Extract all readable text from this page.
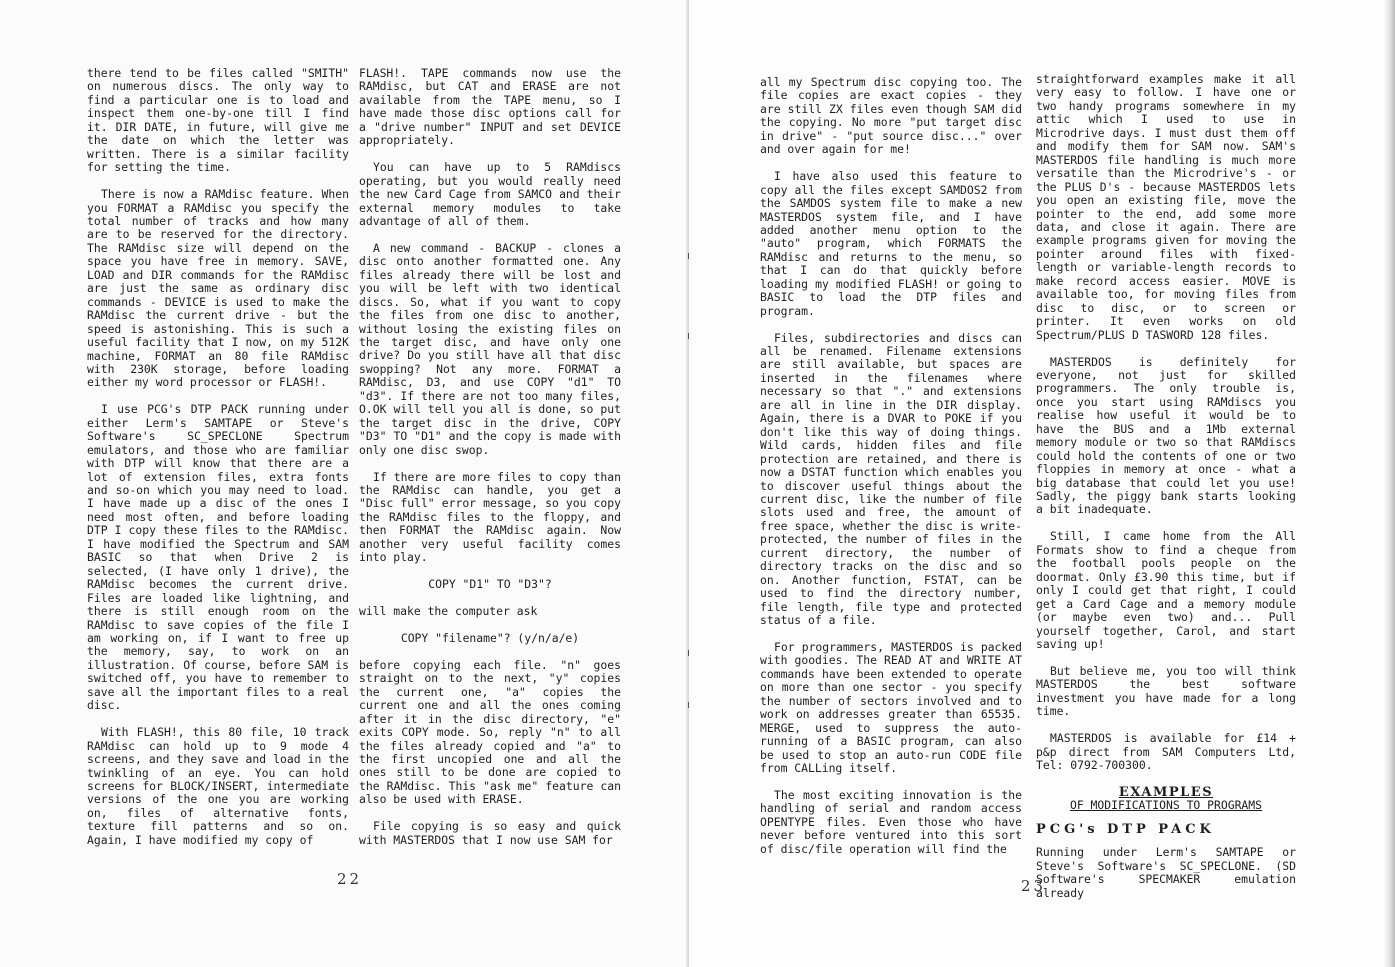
there tend to be files called "SMITH" on numerous discs. The only way to find a particular one is to load and inspect them one-by-one till I find it. DIR DATE, in future, will give me the date on which the letter was written. There is a similar facility for setting the time.

There is now a RAMdisc feature. When you FORMAT a RAMdisc you specify the total number of tracks and how many are to be reserved for the directory. The RAMdisc size will depend on the space you have free in memory. SAVE, LOAD and DIR commands for the RAMdisc are just the same as ordinary disc commands - DEVICE is used to make the RAMdisc the current drive - but the speed is astonishing. This is such a useful facility that I now, on my 512K machine, FORMAT an 80 file RAMdisc with 230K storage, before loading either my word processor or FLASH!.

I use PCG's DTP PACK running under either Lerm's SAMTAPE or Steve's Software's SC_SPECLONE Spectrum emulators, and those who are familiar with DTP will know that there are a lot of extension files, extra fonts and so-on which you may need to load. I have made up a disc of the ones I need most often, and before loading DTP I copy these files to the RAMdisc. I have modified the Spectrum and SAM BASIC so that when Drive 2 is selected, (I have only 1 drive), the RAMdisc becomes the current drive. Files are loaded like lightning, and there is still enough room on the RAMdisc to save copies of the file I am working on, if I want to free up the memory, say, to work on an illustration. Of course, before SAM is switched off, you have to remember to save all the important files to a real disc.

With FLASH!, this 80 file, 10 track RAMdisc can hold up to 9 mode 4 screens, and they save and load in the twinkling of an eye. You can hold screens for BLOCK/INSERT, intermediate versions of the one you are working on, files of alternative fonts, texture fill patterns and so on. Again, I have modified my copy of

FLASH!. TAPE commands now use the RAMdisc, but CAT and ERASE are not available from the TAPE menu, so I have made those disc options call for a "drive number" INPUT and set DEVICE appropriately.

You can have up to 5 RAMdiscs operating, but you would really need the new Card Cage from SAMCO and their external memory modules to take advantage of all of them.

A new command - BACKUP - clones a disc onto another formatted one. Any files already there will be lost and you will be left with two identical discs. So, what if you want to copy the files from one disc to another, without losing the existing files on the target disc, and have only one drive? Do you still have all that disc swopping? Not any more. FORMAT a RAMdisc, D3, and use COPY "d1" TO "d3". If there are not too many files, O.OK will tell you all is done, so put the target disc in the drive, COPY "D3" TO "D1" and the copy is made with only one disc swop.

If there are more files to copy than the RAMdisc can handle, you get a "Disc full" error message, so you copy the RAMdisc files to the floppy, and then FORMAT the RAMdisc again. Now another very useful facility comes into play.

COPY "D1" TO "D3"?

will make the computer ask

COPY "filename"? (y/n/a/e)

before copying each file. "n" goes straight on to the next, "y" copies the current one, "a" copies the current one and all the ones coming after it in the disc directory, "e" exits COPY mode. So, reply "n" to all the files already copied and "a" to the first uncopied one and all the ones still to be done are copied to the RAMdisc. This "ask me" feature can also be used with ERASE.

File copying is so easy and quick with MASTERDOS that I now use SAM for

22

all my Spectrum disc copying too. The file copies are exact copies - they are still ZX files even though SAM did the copying. No more "put target disc in drive" - "put source disc..." over and over again for me!

I have also used this feature to copy all the files except SAMDOS2 from the SAMDOS system file to make a new MASTERDOS system file, and I have added another menu option to the "auto" program, which FORMATS the RAMdisc and returns to the menu, so that I can do that quickly before loading my modified FLASH! or going to BASIC to load the DTP files and program.

Files, subdirectories and discs can all be renamed. Filename extensions are still available, but spaces are inserted in the filenames where necessary so that "." and extensions are all in line in the DIR display. Again, there is a DVAR to POKE if you don't like this way of doing things. Wild cards, hidden files and file protection are retained, and there is now a DSTAT function which enables you to discover useful things about the current disc, like the number of file slots used and free, the amount of free space, whether the disc is write-protected, the number of files in the current directory, the number of directory tracks on the disc and so on. Another function, FSTAT, can be used to find the directory number, file length, file type and protected status of a file.

For programmers, MASTERDOS is packed with goodies. The READ AT and WRITE AT commands have been extended to operate on more than one sector - you specify the number of sectors involved and to work on addresses greater than 65535. MERGE, used to suppress the auto-running of a BASIC program, can also be used to stop an auto-run CODE file from CALLing itself.

The most exciting innovation is the handling of serial and random access OPENTYPE files. Even those who have never before ventured into this sort of disc/file operation will find the

straightforward examples make it all very easy to follow. I have one or two handy programs somewhere in my attic which I used to use in Microdrive days. I must dust them off and modify them for SAM now. SAM's MASTERDOS file handling is much more versatile than the Microdrive's - or the PLUS D's - because MASTERDOS lets you open an existing file, move the pointer to the end, add some more data, and close it again. There are example programs given for moving the pointer around files with fixed-length or variable-length records to make record access easier. MOVE is available too, for moving files from disc to disc, or to screen or printer. It even works on old Spectrum/PLUS D TASWORD 128 files.

MASTERDOS is definitely for everyone, not just for skilled programmers. The only trouble is, once you start using RAMdiscs you realise how useful it would be to have the BUS and a 1Mb external memory module or two so that RAMdiscs could hold the contents of one or two floppies in memory at once - what a big database that could let you use! Sadly, the piggy bank starts looking a bit inadequate.

Still, I came home from the All Formats show to find a cheque from the football pools people on the doormat. Only £3.90 this time, but if only I could get that right, I could get a Card Cage and a memory module (or maybe even two) and... Pull yourself together, Carol, and start saving up!

But believe me, you too will think MASTERDOS the best software investment you have made for a long time.

MASTERDOS is available for £14 + p&p direct from SAM Computers Ltd, Tel: 0792-700300.

EXAMPLES
OF MODIFICATIONS TO PROGRAMS
PCG's DTP PACK

Running under Lerm's SAMTAPE or Steve's Software's SC_SPECLONE. (SD Software's SPECMAKER emulation already

23
